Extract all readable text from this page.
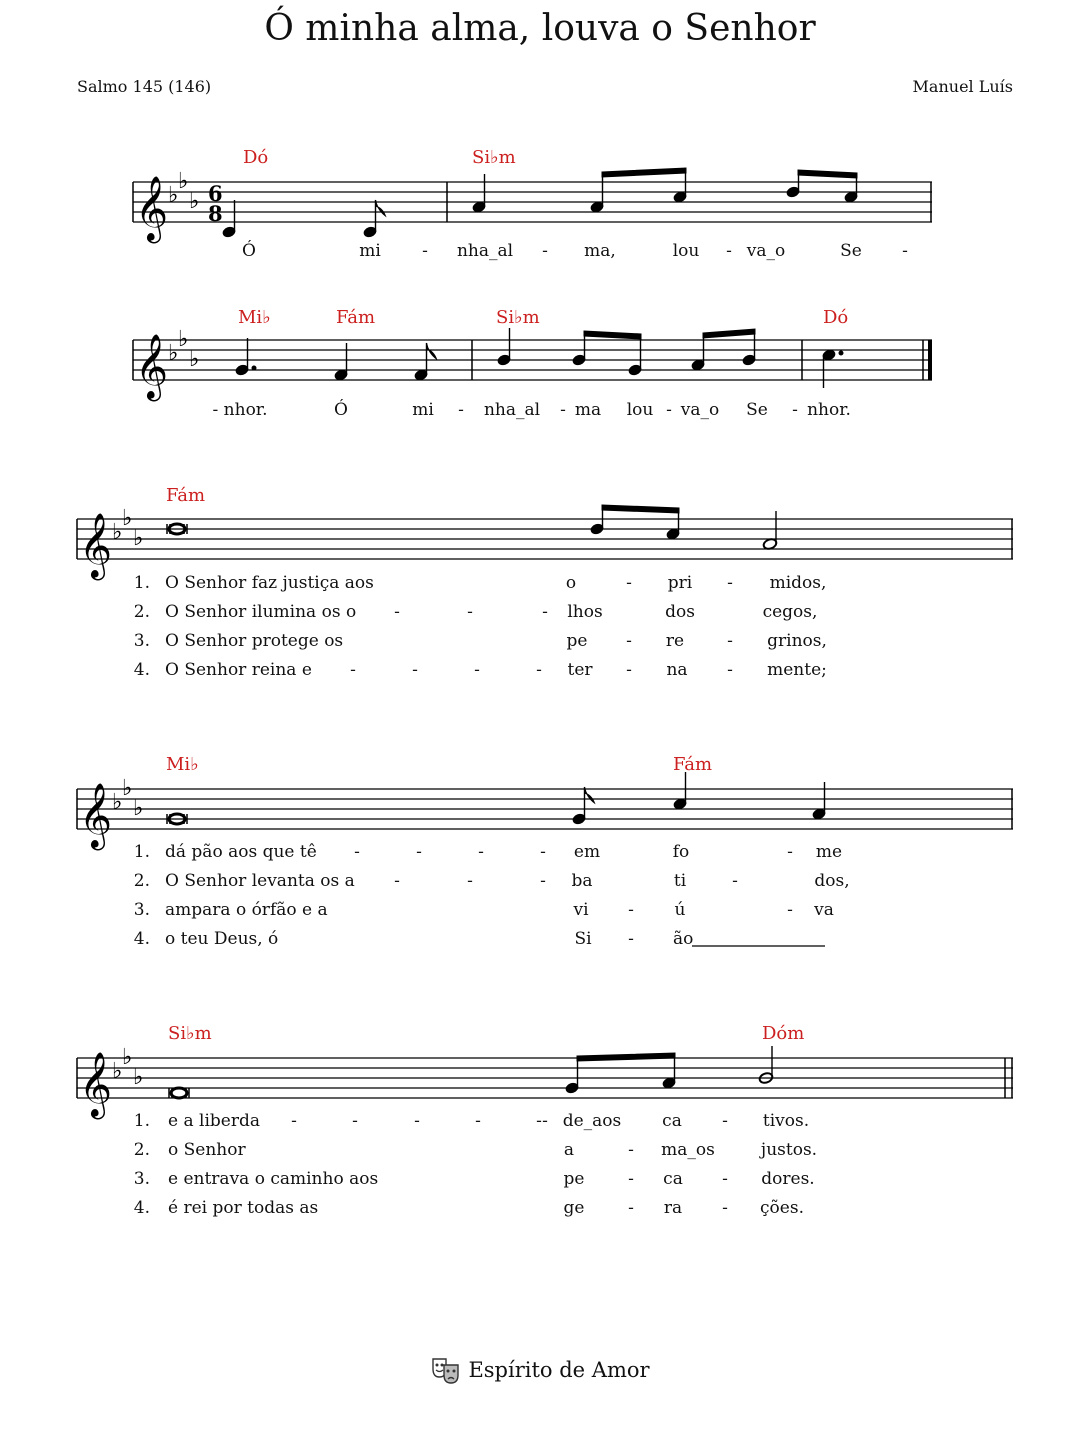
Ó minha alma, louva o Senhor
Salmo 145 (146)	Manuel Luís
Dó	Si♭m
𝄞 ♭
♭
♭ 6
8
Ó	mi - nha_al - ma,	lou - va_o	Se -
Mi♭	Fám	Si♭m	Dó
𝄞 ♭
♭
♭
- nhor.	Ó	mi - nha_al - ma lou - va_o Se - nhor.
Fám
𝄞 ♭
♭
♭
1. O Senhor faz justiça aos	o	- pri - midos,
2. O Senhor ilumina os o -	-	- lhos	dos	cegos,
3. O Senhor protege os	pe - re	- grinos,
4. O Senhor reina e -	-	-	- ter - na - mente;
Mi♭	Fám
𝄞 ♭
♭
♭
1. dá pão aos que tê -	-	-	- em	fo	- me
2. O Senhor levanta os a -	-	- ba	ti	-	dos,
3. ampara o órfão e a	vi - ú	- va
4. o teu Deus, ó	Si - ão
Si♭m	Dóm
𝄞 ♭
♭
♭
1. e a liberda -	-	-	-	- - de_aos ca - tivos.
2. o Senhor	a	- ma_os	justos.
3. e entrava o caminho aos	pe	- ca - dores.
4. é rei por todas as	ge	- ra - ções.
Espírito de Amor
